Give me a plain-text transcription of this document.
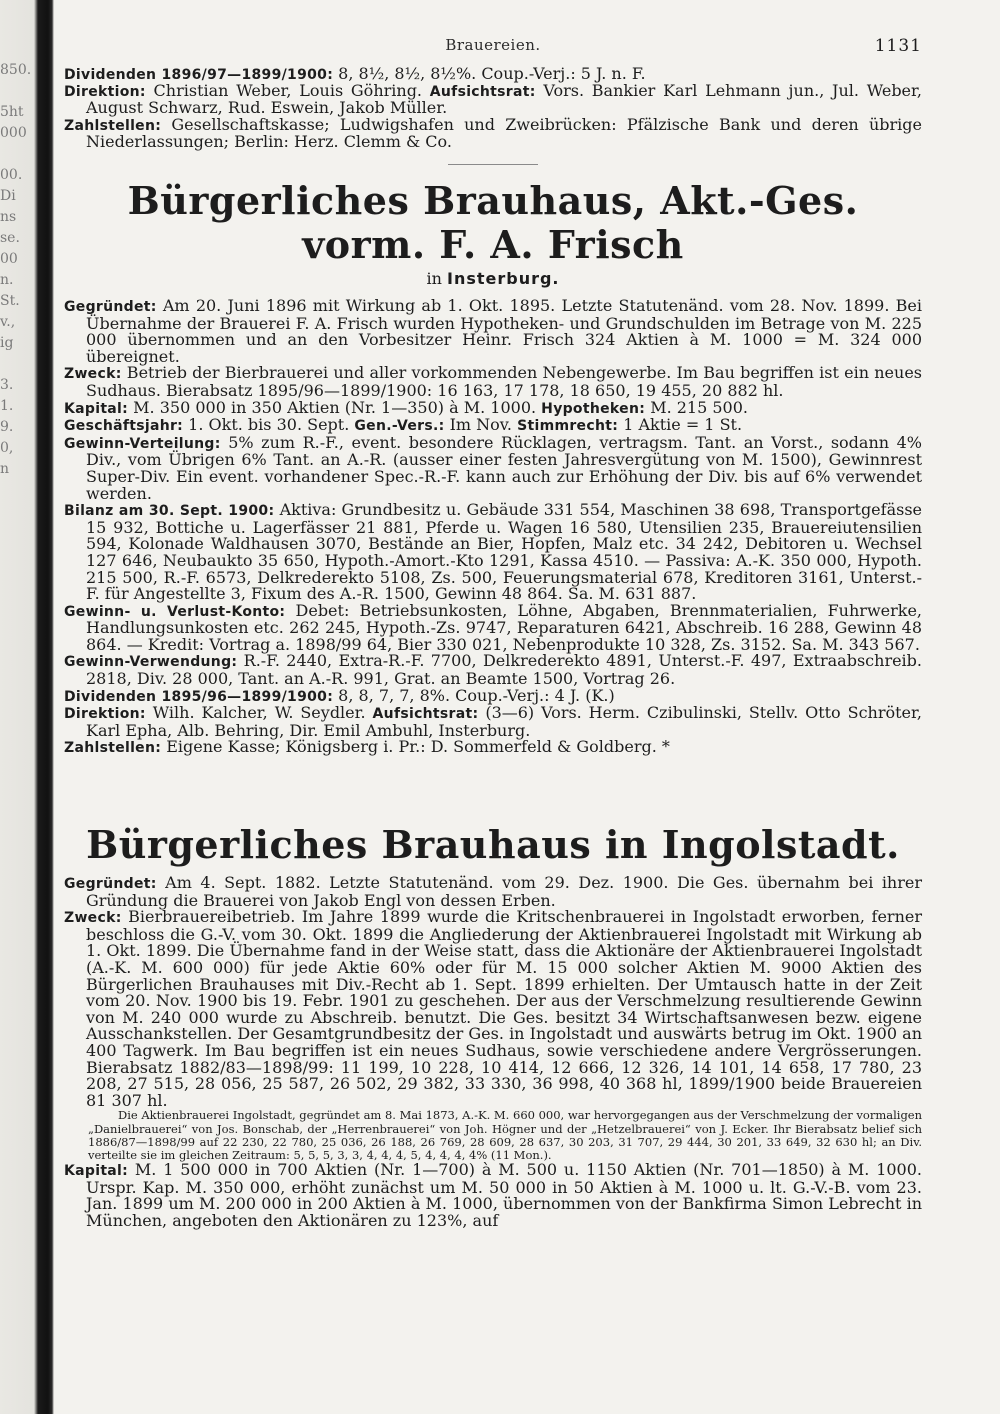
850.
5ht
000
00.
Di
ns
se.
00
n.
St.
v.,
ig
3.
1.
9.
0,
n
Brauereien.	1131

Dividenden 1896/97—1899/1900: 8, 8½, 8½, 8½%. Coup.-Verj.: 5 J. n. F.

Direktion: Christian Weber, Louis Göhring. Aufsichtsrat: Vors. Bankier Karl Lehmann jun., Jul. Weber, August Schwarz, Rud. Eswein, Jakob Müller.

Zahlstellen: Gesellschaftskasse; Ludwigshafen und Zweibrücken: Pfälzische Bank und deren übrige Niederlassungen; Berlin: Herz. Clemm & Co.

Bürgerliches Brauhaus, Akt.-Ges. vorm. F. A. Frisch
in Insterburg.

Gegründet: Am 20. Juni 1896 mit Wirkung ab 1. Okt. 1895. Letzte Statutenänd. vom 28. Nov. 1899. Bei Übernahme der Brauerei F. A. Frisch wurden Hypotheken- und Grundschulden im Betrage von M. 225 000 übernommen und an den Vorbesitzer Heinr. Frisch 324 Aktien à M. 1000 = M. 324 000 übereignet.

Zweck: Betrieb der Bierbrauerei und aller vorkommenden Nebengewerbe. Im Bau begriffen ist ein neues Sudhaus. Bierabsatz 1895/96—1899/1900: 16 163, 17 178, 18 650, 19 455, 20 882 hl.

Kapital: M. 350 000 in 350 Aktien (Nr. 1—350) à M. 1000. Hypotheken: M. 215 500.

Geschäftsjahr: 1. Okt. bis 30. Sept. Gen.-Vers.: Im Nov. Stimmrecht: 1 Aktie = 1 St.

Gewinn-Verteilung: 5% zum R.-F., event. besondere Rücklagen, vertragsm. Tant. an Vorst., sodann 4% Div., vom Übrigen 6% Tant. an A.-R. (ausser einer festen Jahresvergütung von M. 1500), Gewinnrest Super-Div. Ein event. vorhandener Spec.-R.-F. kann auch zur Erhöhung der Div. bis auf 6% verwendet werden.

Bilanz am 30. Sept. 1900: Aktiva: Grundbesitz u. Gebäude 331 554, Maschinen 38 698, Transportgefässe 15 932, Bottiche u. Lagerfässer 21 881, Pferde u. Wagen 16 580, Utensilien 235, Brauereiutensilien 594, Kolonade Waldhausen 3070, Bestände an Bier, Hopfen, Malz etc. 34 242, Debitoren u. Wechsel 127 646, Neubaukto 35 650, Hypoth.-Amort.-Kto 1291, Kassa 4510. — Passiva: A.-K. 350 000, Hypoth. 215 500, R.-F. 6573, Delkrederekto 5108, Zs. 500, Feuerungsmaterial 678, Kreditoren 3161, Unterst.-F. für Angestellte 3, Fixum des A.-R. 1500, Gewinn 48 864. Sa. M. 631 887.

Gewinn- u. Verlust-Konto: Debet: Betriebsunkosten, Löhne, Abgaben, Brennmaterialien, Fuhrwerke, Handlungsunkosten etc. 262 245, Hypoth.-Zs. 9747, Reparaturen 6421, Abschreib. 16 288, Gewinn 48 864. — Kredit: Vortrag a. 1898/99 64, Bier 330 021, Nebenprodukte 10 328, Zs. 3152. Sa. M. 343 567.

Gewinn-Verwendung: R.-F. 2440, Extra-R.-F. 7700, Delkrederekto 4891, Unterst.-F. 497, Extraabschreib. 2818, Div. 28 000, Tant. an A.-R. 991, Grat. an Beamte 1500, Vortrag 26.

Dividenden 1895/96—1899/1900: 8, 8, 7, 7, 8%. Coup.-Verj.: 4 J. (K.)

Direktion: Wilh. Kalcher, W. Seydler. Aufsichtsrat: (3—6) Vors. Herm. Czibulinski, Stellv. Otto Schröter, Karl Epha, Alb. Behring, Dir. Emil Ambuhl, Insterburg.

Zahlstellen: Eigene Kasse; Königsberg i. Pr.: D. Sommerfeld & Goldberg. *

Bürgerliches Brauhaus in Ingolstadt.

Gegründet: Am 4. Sept. 1882. Letzte Statutenänd. vom 29. Dez. 1900. Die Ges. übernahm bei ihrer Gründung die Brauerei von Jakob Engl von dessen Erben.

Zweck: Bierbrauereibetrieb. Im Jahre 1899 wurde die Kritschenbrauerei in Ingolstadt erworben, ferner beschloss die G.-V. vom 30. Okt. 1899 die Angliederung der Aktienbrauerei Ingolstadt mit Wirkung ab 1. Okt. 1899. Die Übernahme fand in der Weise statt, dass die Aktionäre der Aktienbrauerei Ingolstadt (A.-K. M. 600 000) für jede Aktie 60% oder für M. 15 000 solcher Aktien M. 9000 Aktien des Bürgerlichen Brauhauses mit Div.-Recht ab 1. Sept. 1899 erhielten. Der Umtausch hatte in der Zeit vom 20. Nov. 1900 bis 19. Febr. 1901 zu geschehen. Der aus der Verschmelzung resultierende Gewinn von M. 240 000 wurde zu Abschreib. benutzt. Die Ges. besitzt 34 Wirtschaftsanwesen bezw. eigene Ausschankstellen. Der Gesamtgrundbesitz der Ges. in Ingolstadt und auswärts betrug im Okt. 1900 an 400 Tagwerk. Im Bau begriffen ist ein neues Sudhaus, sowie verschiedene andere Vergrösserungen. Bierabsatz 1882/83—1898/99: 11 199, 10 228, 10 414, 12 666, 12 326, 14 101, 14 658, 17 780, 23 208, 27 515, 28 056, 25 587, 26 502, 29 382, 33 330, 36 998, 40 368 hl, 1899/1900 beide Brauereien 81 307 hl.

Die Aktienbrauerei Ingolstadt, gegründet am 8. Mai 1873, A.-K. M. 660 000, war hervorgegangen aus der Verschmelzung der vormaligen „Danielbrauerei“ von Jos. Bonschab, der „Herrenbrauerei“ von Joh. Högner und der „Hetzelbrauerei“ von J. Ecker. Ihr Bierabsatz belief sich 1886/87—1898/99 auf 22 230, 22 780, 25 036, 26 188, 26 769, 28 609, 28 637, 30 203, 31 707, 29 444, 30 201, 33 649, 32 630 hl; an Div. verteilte sie im gleichen Zeitraum: 5, 5, 5, 3, 3, 4, 4, 4, 5, 4, 4, 4, 4% (11 Mon.).

Kapital: M. 1 500 000 in 700 Aktien (Nr. 1—700) à M. 500 u. 1150 Aktien (Nr. 701—1850) à M. 1000. Urspr. Kap. M. 350 000, erhöht zunächst um M. 50 000 in 50 Aktien à M. 1000 u. lt. G.-V.-B. vom 23. Jan. 1899 um M. 200 000 in 200 Aktien à M. 1000, übernommen von der Bankfirma Simon Lebrecht in München, angeboten den Aktionären zu 123%, auf
